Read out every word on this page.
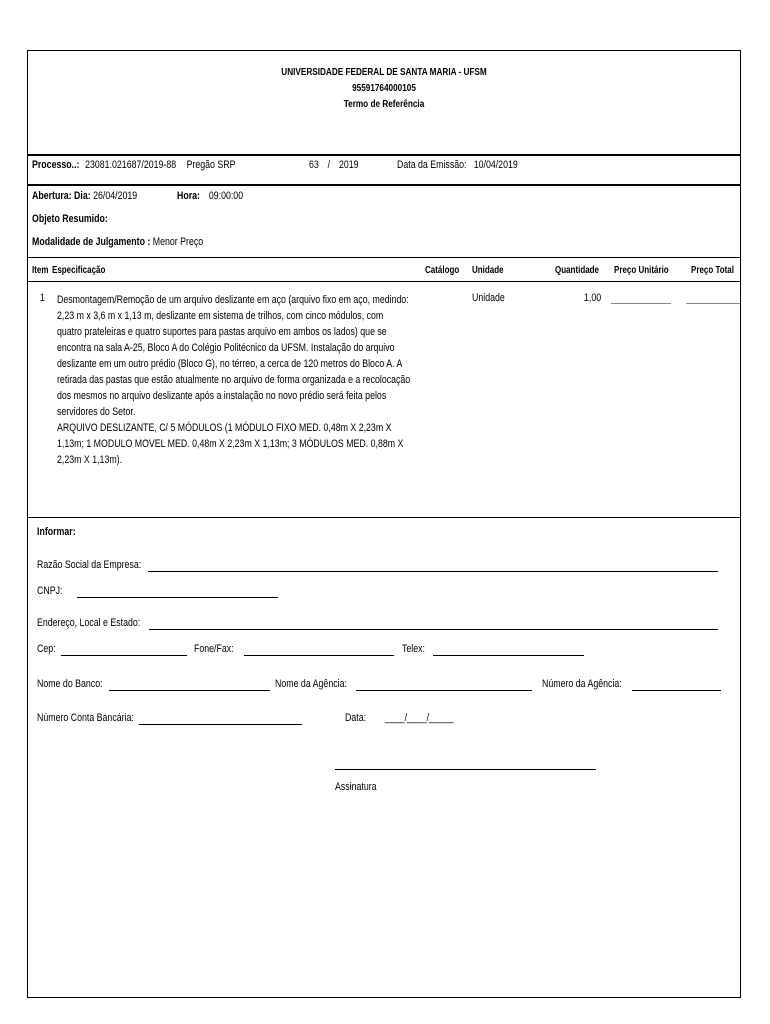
UNIVERSIDADE FEDERAL DE SANTA MARIA - UFSM
95591764000105
Termo de Referência
Processo..: 23081.021687/2019-88 Pregão SRP	63 / 2019	Data da Emissão: 10/04/2019
Abertura: Dia: 26/04/2019	Hora: 09:00:00
Objeto Resumido:
Modalidade de Julgamento : Menor Preço
Item Especificação	Catálogo Unidade	Quantidade Preço Unitário Preço Total
1 Desmontagem/Remoção de um arquivo deslizante em aço (arquivo fixo em aço, medindo:
2,23 m x 3,6 m x 1,13 m, deslizante em sistema de trilhos, com cinco módulos, com
quatro prateleiras e quatro suportes para pastas arquivo em ambos os lados) que se
encontra na sala A-25, Bloco A do Colégio Politécnico da UFSM. Instalação do arquivo
deslizante em um outro prédio (Bloco G), no térreo, a cerca de 120 metros do Bloco A. A
retirada das pastas que estão atualmente no arquivo de forma organizada e a recolocação
dos mesmos no arquivo deslizante após a instalação no novo prédio será feita pelos
servidores do Setor.
ARQUIVO DESLIZANTE, C/ 5 MÓDULOS (1 MÓDULO FIXO MED. 0,48m X 2,23m X
1,13m; 1 MODULO MOVEL MED. 0,48m X 2,23m X 1,13m; 3 MÓDULOS MED. 0,88m X
2,23m X 1,13m).
Unidade	1,00
Informar:
Razão Social da Empresa:
CNPJ:
Endereço, Local e Estado:
Cep:	Fone/Fax:	Telex:
Nome do Banco:	Nome da Agência:	Número da Agência:
Número Conta Bancária:	Data: ____/____/_____
Assinatura
